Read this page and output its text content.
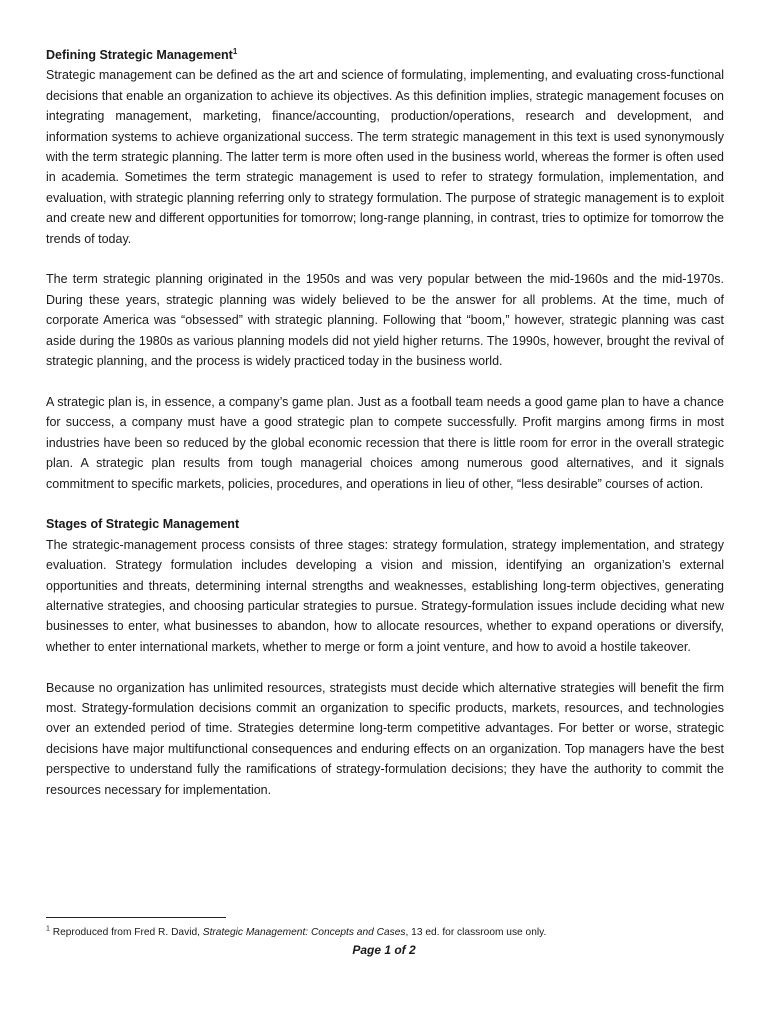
Defining Strategic Management$^1$

Strategic management can be defined as the art and science of formulating, implementing, and evaluating cross-functional decisions that enable an organization to achieve its objectives. As this definition implies, strategic management focuses on integrating management, marketing, finance/accounting, production/operations, research and development, and information systems to achieve organizational success. The term strategic management in this text is used synonymously with the term strategic planning. The latter term is more often used in the business world, whereas the former is often used in academia. Sometimes the term strategic management is used to refer to strategy formulation, implementation, and evaluation, with strategic planning referring only to strategy formulation. The purpose of strategic management is to exploit and create new and different opportunities for tomorrow; long-range planning, in contrast, tries to optimize for tomorrow the trends of today.

The term strategic planning originated in the 1950s and was very popular between the mid-1960s and the mid-1970s. During these years, strategic planning was widely believed to be the answer for all problems. At the time, much of corporate America was “obsessed” with strategic planning. Following that “boom,” however, strategic planning was cast aside during the 1980s as various planning models did not yield higher returns. The 1990s, however, brought the revival of strategic planning, and the process is widely practiced today in the business world.

A strategic plan is, in essence, a company’s game plan. Just as a football team needs a good game plan to have a chance for success, a company must have a good strategic plan to compete successfully. Profit margins among firms in most industries have been so reduced by the global economic recession that there is little room for error in the overall strategic plan. A strategic plan results from tough managerial choices among numerous good alternatives, and it signals commitment to specific markets, policies, procedures, and operations in lieu of other, “less desirable” courses of action.

Stages of Strategic Management

The strategic-management process consists of three stages: strategy formulation, strategy implementation, and strategy evaluation. Strategy formulation includes developing a vision and mission, identifying an organization’s external opportunities and threats, determining internal strengths and weaknesses, establishing long-term objectives, generating alternative strategies, and choosing particular strategies to pursue. Strategy-formulation issues include deciding what new businesses to enter, what businesses to abandon, how to allocate resources, whether to expand operations or diversify, whether to enter international markets, whether to merge or form a joint venture, and how to avoid a hostile takeover.

Because no organization has unlimited resources, strategists must decide which alternative strategies will benefit the firm most. Strategy-formulation decisions commit an organization to specific products, markets, resources, and technologies over an extended period of time. Strategies determine long-term competitive advantages. For better or worse, strategic decisions have major multifunctional consequences and enduring effects on an organization. Top managers have the best perspective to understand fully the ramifications of strategy-formulation decisions; they have the authority to commit the resources necessary for implementation.

$^1$ Reproduced from Fred R. David, Strategic Management: Concepts and Cases, 13 ed. for classroom use only.
Page 1 of 2
